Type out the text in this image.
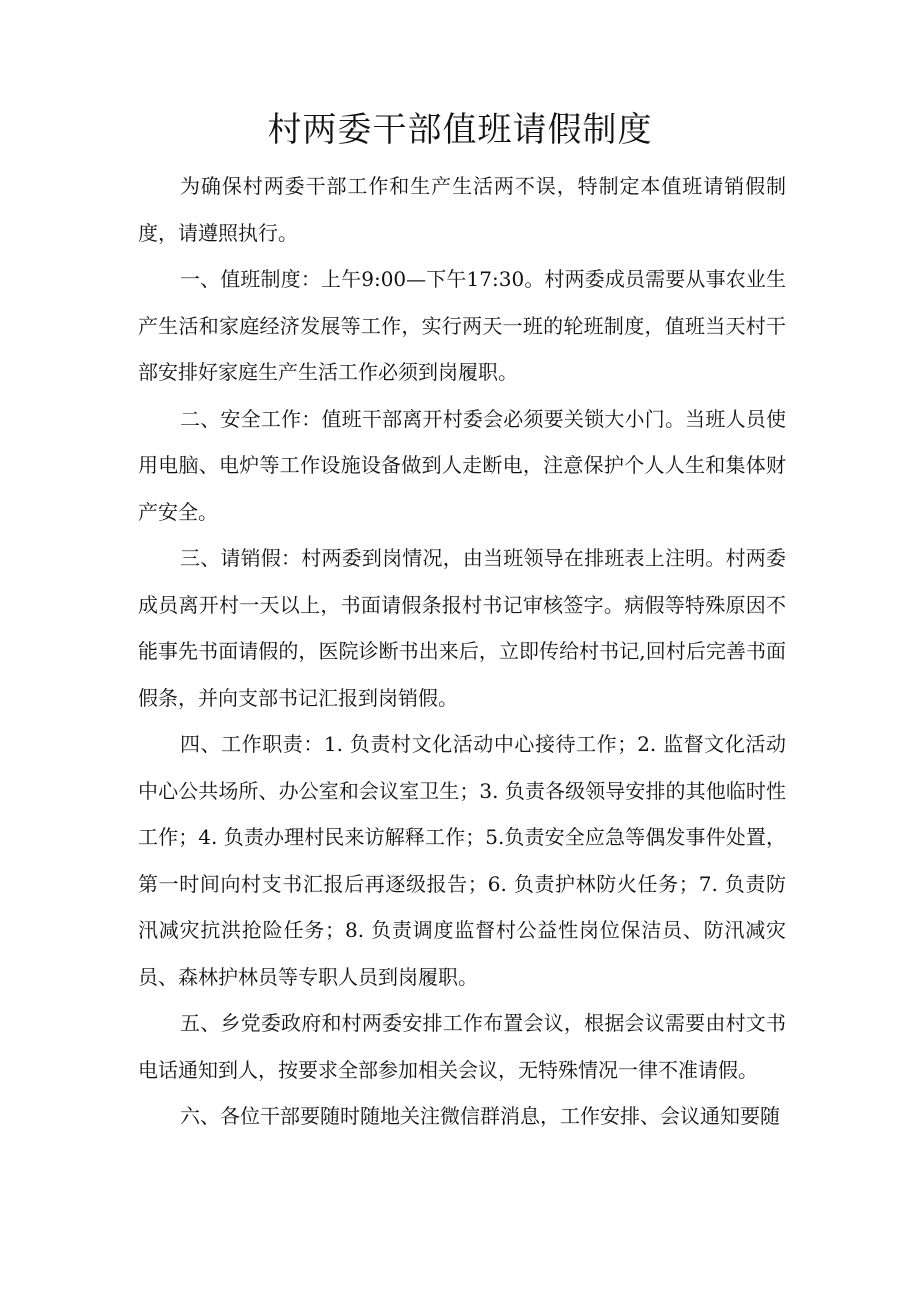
村两委干部值班请假制度

为确保村两委干部工作和生产生活两不误，特制定本值班请销假制度，请遵照执行。

一、值班制度：上午9:00—下午17:30。村两委成员需要从事农业生产生活和家庭经济发展等工作，实行两天一班的轮班制度，值班当天村干部安排好家庭生产生活工作必须到岗履职。

二、安全工作：值班干部离开村委会必须要关锁大小门。当班人员使用电脑、电炉等工作设施设备做到人走断电，注意保护个人人生和集体财产安全。

三、请销假：村两委到岗情况，由当班领导在排班表上注明。村两委成员离开村一天以上，书面请假条报村书记审核签字。病假等特殊原因不能事先书面请假的，医院诊断书出来后，立即传给村书记,回村后完善书面假条，并向支部书记汇报到岗销假。

四、工作职责：1. 负责村文化活动中心接待工作；2. 监督文化活动中心公共场所、办公室和会议室卫生；3. 负责各级领导安排的其他临时性工作；4. 负责办理村民来访解释工作；5.负责安全应急等偶发事件处置，第一时间向村支书汇报后再逐级报告；6. 负责护林防火任务；7. 负责防汛减灾抗洪抢险任务；8. 负责调度监督村公益性岗位保洁员、防汛减灾员、森林护林员等专职人员到岗履职。

五、乡党委政府和村两委安排工作布置会议，根据会议需要由村文书电话通知到人，按要求全部参加相关会议，无特殊情况一律不准请假。

六、各位干部要随时随地关注微信群消息，工作安排、会议通知要随
